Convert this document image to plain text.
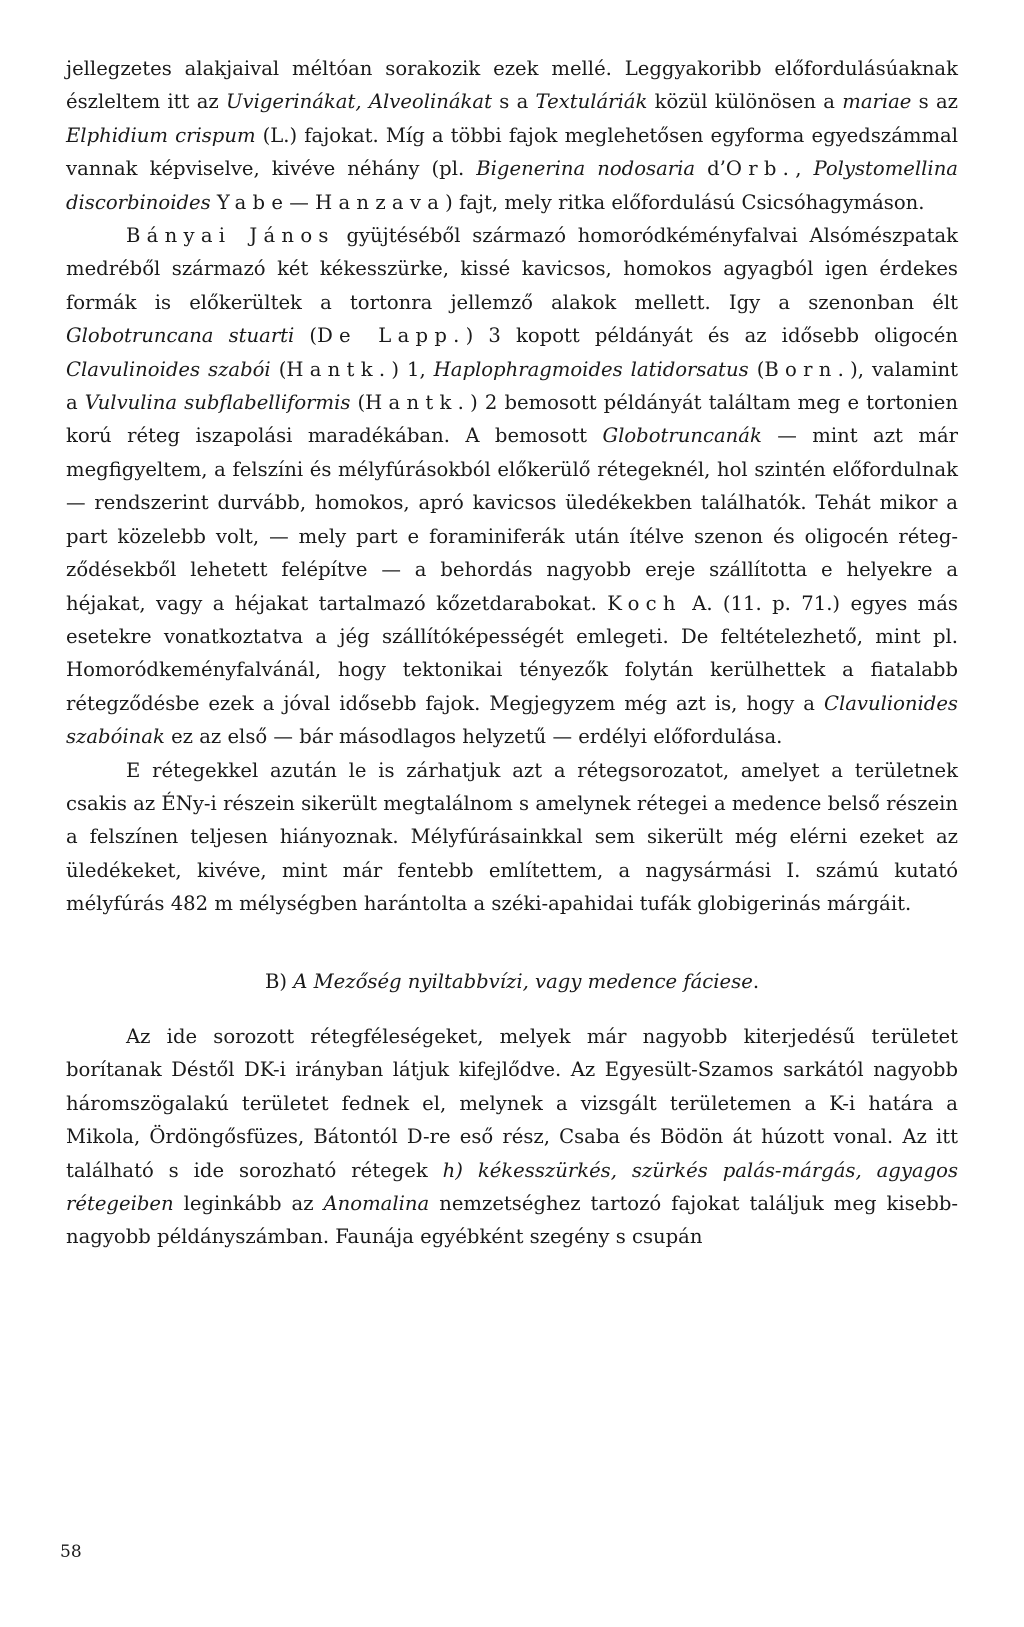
jellegzetes alakjaival méltóan sorakozik ezek mellé. Leggyakoribb előfordulásúaknak észleltem itt az Uvigerinákat, Alveolinákat s a Textuláriák közül különösen a mariae s az Elphidium crispum (L.) fajokat. Míg a többi fajok meglehetősen egyforma egyedszámmal vannak képviselve, kivéve néhány (pl. Bigenerina nodosaria d’Orb., Polystomellina discorbinoides Yabe—Hanzava) fajt, mely ritka előfordulású Csicsóhagymáson.

Bányai János gyüjtéséből származó homoródkéményfalvai Alsómészpatak medréből származó két kékesszürke, kissé kavicsos, homokos agyagból igen érdekes formák is előkerültek a tortonra jellemző alakok mellett. Igy a szenonban élt Globotruncana stuarti (De Lapp.) 3 kopott példányát és az idősebb oligocén Clavulinoides szabói (Hantk.) 1, Haplophragmoides latidorsatus (Born.), valamint a Vulvulina subflabelliformis (Hantk.) 2 bemosott példányát találtam meg e tortonien korú réteg iszapolási maradékában. A bemosott Globotruncanák — mint azt már megfigyeltem, a felszíni és mélyfúrásokból előkerülő rétegeknél, hol szintén előfordulnak — rendszerint durvább, homokos, apró kavicsos üledékekben találhatók. Tehát mikor a part közelebb volt, — mely part e foraminiferák után ítélve szenon és oligocén rétegződésekből lehetett felépítve — a behordás nagyobb ereje szállította e helyekre a héjakat, vagy a héjakat tartalmazó kőzetdarabokat. Koch A. (11. p. 71.) egyes más esetekre vonatkoztatva a jég szállítóképességét emlegeti. De feltételezhető, mint pl. Homoródkeményfalvánál, hogy tektonikai tényezők folytán kerülhettek a fiatalabb rétegződésbe ezek a jóval idősebb fajok. Megjegyzem még azt is, hogy a Clavulionides szabóinak ez az első — bár másodlagos helyzetű — erdélyi előfordulása.

E rétegekkel azután le is zárhatjuk azt a rétegsorozatot, amelyet a területnek csakis az ÉNy-i részein sikerült megtalálnom s amelynek rétegei a medence belső részein a felszínen teljesen hiányoznak. Mélyfúrásainkkal sem sikerült még elérni ezeket az üledékeket, kivéve, mint már fentebb említettem, a nagysármási I. számú kutató mélyfúrás 482 m mélységben harántolta a széki-apahidai tufák globigerinás márgáit.

B) A Mezőség nyiltabbvízi, vagy medence fáciese.

Az ide sorozott rétegféleségeket, melyek már nagyobb kiterjedésű területet borítanak Déstől DK-i irányban látjuk kifejlődve. Az Egyesült-Szamos sarkától nagyobb háromszögalakú területet fednek el, melynek a vizsgált területemen a K-i határa a Mikola, Ördöngősfüzes, Bátontól D-re eső rész, Csaba és Bödön át húzott vonal. Az itt található s ide sorozható rétegek h) kékesszürkés, szürkés palás-márgás, agyagos rétegeiben leginkább az Anomalina nemzetséghez tartozó fajokat találjuk meg kisebb-nagyobb példányszámban. Faunája egyébként szegény s csupán

58
